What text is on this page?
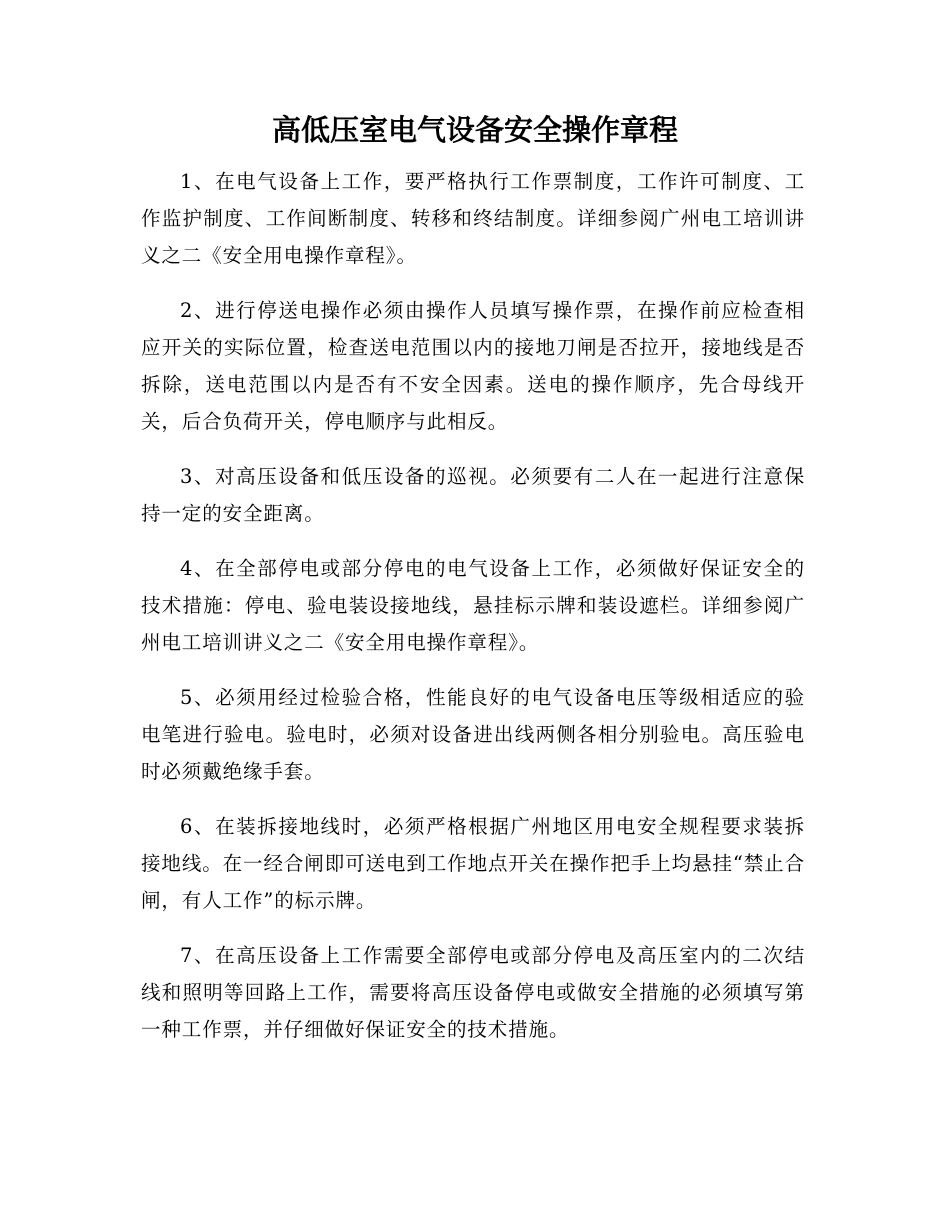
高低压室电气设备安全操作章程

1、在电气设备上工作，要严格执行工作票制度，工作许可制度、工作监护制度、工作间断制度、转移和终结制度。详细参阅广州电工培训讲义之二《安全用电操作章程》。

2、进行停送电操作必须由操作人员填写操作票，在操作前应检查相应开关的实际位置，检查送电范围以内的接地刀闸是否拉开，接地线是否拆除，送电范围以内是否有不安全因素。送电的操作顺序，先合母线开关，后合负荷开关，停电顺序与此相反。

3、对高压设备和低压设备的巡视。必须要有二人在一起进行注意保持一定的安全距离。

4、在全部停电或部分停电的电气设备上工作，必须做好保证安全的技术措施：停电、验电装设接地线，悬挂标示牌和装设遮栏。详细参阅广州电工培训讲义之二《安全用电操作章程》。

5、必须用经过检验合格，性能良好的电气设备电压等级相适应的验电笔进行验电。验电时，必须对设备进出线两侧各相分别验电。高压验电时必须戴绝缘手套。

6、在装拆接地线时，必须严格根据广州地区用电安全规程要求装拆接地线。在一经合闸即可送电到工作地点开关在操作把手上均悬挂“禁止合闸，有人工作”的标示牌。

7、在高压设备上工作需要全部停电或部分停电及高压室内的二次结线和照明等回路上工作，需要将高压设备停电或做安全措施的必须填写第一种工作票，并仔细做好保证安全的技术措施。
